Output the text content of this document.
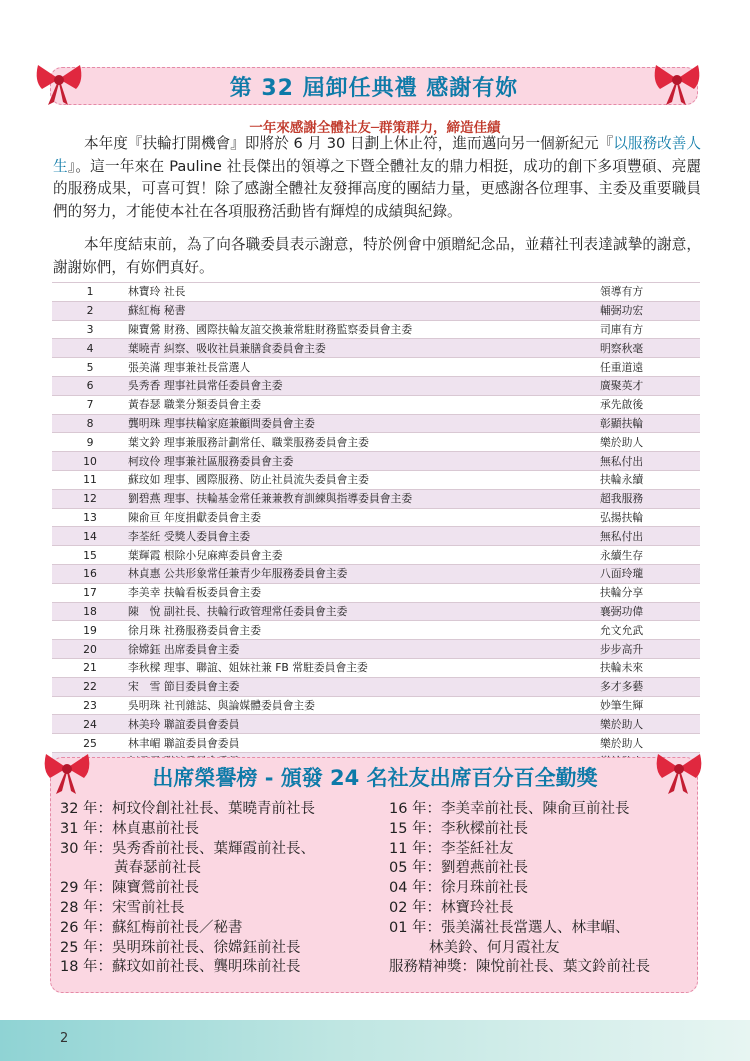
第 32 屆卸任典禮 感謝有妳
一年來感謝全體社友─群策群力，締造佳績

本年度『扶輪打開機會』即將於 6 月 30 日劃上休止符，進而邁向另一個新紀元『以服務改善人生』。這一年來在 Pauline 社長傑出的領導之下暨全體社友的鼎力相挺，成功的創下多項豐碩、亮麗的服務成果，可喜可賀！除了感謝全體社友發揮高度的團結力量，更感謝各位理事、主委及重要職員們的努力，才能使本社在各項服務活動皆有輝煌的成績與紀錄。

本年度結束前，為了向各職委員表示謝意，特於例會中頒贈紀念品，並藉社刊表達誠摯的謝意，謝謝妳們，有妳們真好。

1	林寶玲 社長	領導有方
2	蘇紅梅 秘書	輔弼功宏
3	陳寶鶯 財務、國際扶輪友誼交換兼常駐財務監察委員會主委	司庫有方
4	葉曉青 糾察、吸收社員兼膳食委員會主委	明察秋毫
5	張美滿 理事兼社長當選人	任重道遠
6	吳秀香 理事社員常任委員會主委	廣聚英才
7	黃春瑟 職業分類委員會主委	承先啟後
8	龔明珠 理事扶輪家庭兼顧問委員會主委	彰顯扶輪
9	葉文鈴 理事兼服務計劃常任、職業服務委員會主委	樂於助人
10	柯玟伶 理事兼社區服務委員會主委	無私付出
11	蘇玟如 理事、國際服務、防止社員流失委員會主委	扶輪永續
12	劉碧燕 理事、扶輪基金常任兼兼教育訓練與指導委員會主委	超我服務
13	陳俞亘 年度捐獻委員會主委	弘揚扶輪
14	李荃紝 受獎人委員會主委	無私付出
15	葉輝霞 根除小兒麻痺委員會主委	永續生存
16	林貞惠 公共形象常任兼青少年服務委員會主委	八面玲瓏
17	李美幸 扶輪看板委員會主委	扶輪分享
18	陳　悅 副社長、扶輪行政管理常任委員會主委	襄弼功偉
19	徐月珠 社務服務委員會主委	允文允武
20	徐嫦鈺 出席委員會主委	步步高升
21	李秋樑 理事、聯誼、姐妹社兼 FB 常駐委員會主委	扶輪未來
22	宋　雪 節目委員會主委	多才多藝
23	吳明珠 社刊雜誌、與論媒體委員會主委	妙筆生輝
24	林美玲 聯誼委員會委員	樂於助人
25	林聿嵋 聯誼委員會委員	樂於助人

出席榮譽榜 - 頒發 24 名社友出席百分百全勤獎
32 年：柯玟伶創社社長、葉曉青前社長
31 年：林貞惠前社長
30 年：吳秀香前社長、葉輝霞前社長、
黃春瑟前社長
29 年：陳寶鶯前社長
28 年：宋雪前社長
26 年：蘇紅梅前社長／秘書
25 年：吳明珠前社長、徐嫦鈺前社長
18 年：蘇玟如前社長、龔明珠前社長
16 年：李美幸前社長、陳俞亘前社長
15 年：李秋樑前社長
11 年：李荃紝社友
05 年：劉碧燕前社長
04 年：徐月珠前社長
02 年：林寶玲社長
01 年：張美滿社長當選人、林聿嵋、
林美鈴、何月霞社友
服務精神獎：陳悅前社長、葉文鈴前社長
2
